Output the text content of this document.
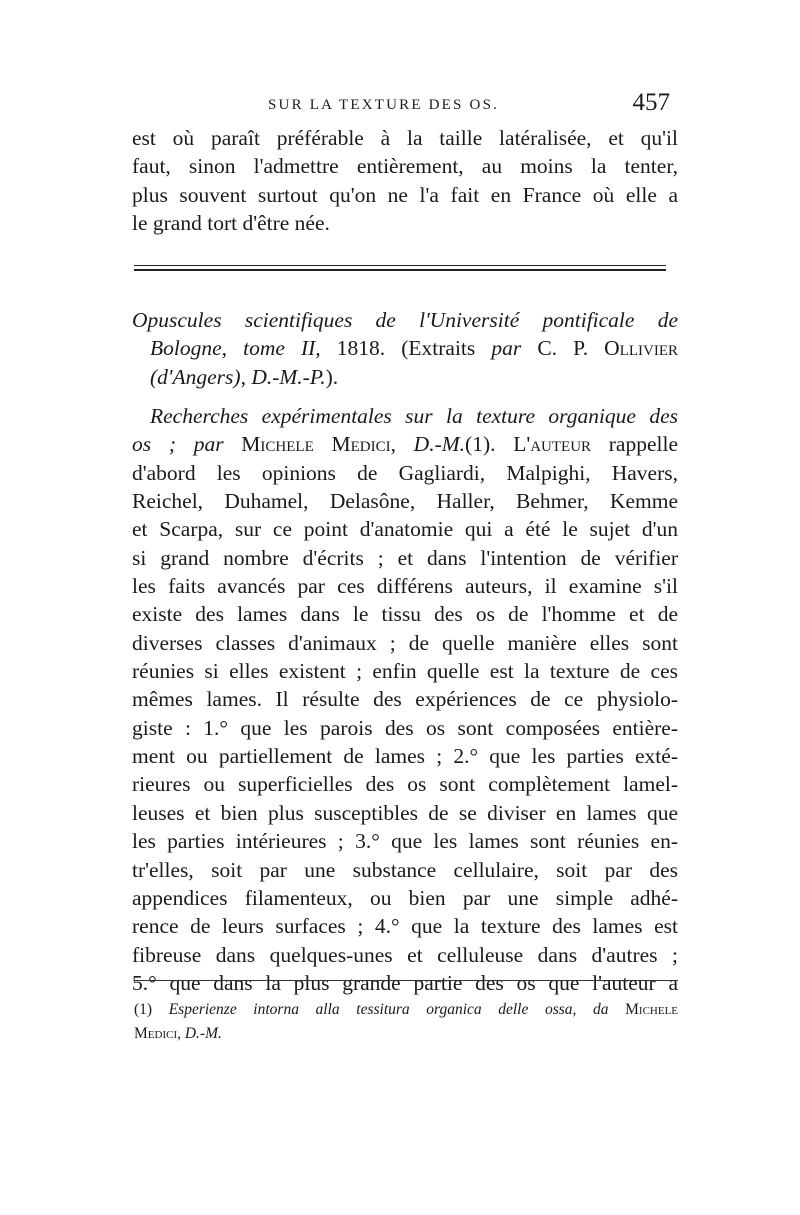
SUR LA TEXTURE DES OS.	457
est où paraît préférable à la taille latéralisée, et qu'il
faut, sinon l'admettre entièrement, au moins la tenter,
plus souvent surtout qu'on ne l'a fait en France où elle a
le grand tort d'être née.
Opuscules scientifiques de l'Université pontificale de
Bologne, tome II, 1818. (Extraits par C. P. Ollivier
(d'Angers), D.-M.-P.).
Recherches expérimentales sur la texture organique des
os ; par Michele Medici, D.-M.(1). L'auteur rappelle
d'abord les opinions de Gagliardi, Malpighi, Havers,
Reichel, Duhamel, Delasône, Haller, Behmer, Kemme
et Scarpa, sur ce point d'anatomie qui a été le sujet d'un
si grand nombre d'écrits ; et dans l'intention de vérifier
les faits avancés par ces différens auteurs, il examine s'il
existe des lames dans le tissu des os de l'homme et de
diverses classes d'animaux ; de quelle manière elles sont
réunies si elles existent ; enfin quelle est la texture de ces
mêmes lames. Il résulte des expériences de ce physiolo-
giste : 1.° que les parois des os sont composées entière-
ment ou partiellement de lames ; 2.° que les parties exté-
rieures ou superficielles des os sont complètement lamel-
leuses et bien plus susceptibles de se diviser en lames que
les parties intérieures ; 3.° que les lames sont réunies en-
tr'elles, soit par une substance cellulaire, soit par des
appendices filamenteux, ou bien par une simple adhé-
rence de leurs surfaces ; 4.° que la texture des lames est
fibreuse dans quelques-unes et celluleuse dans d'autres ;
5.° que dans la plus grande partie des os que l'auteur a
(1) Esperienze intorna alla tessitura organica delle ossa, da Michele
Medici, D.-M.
